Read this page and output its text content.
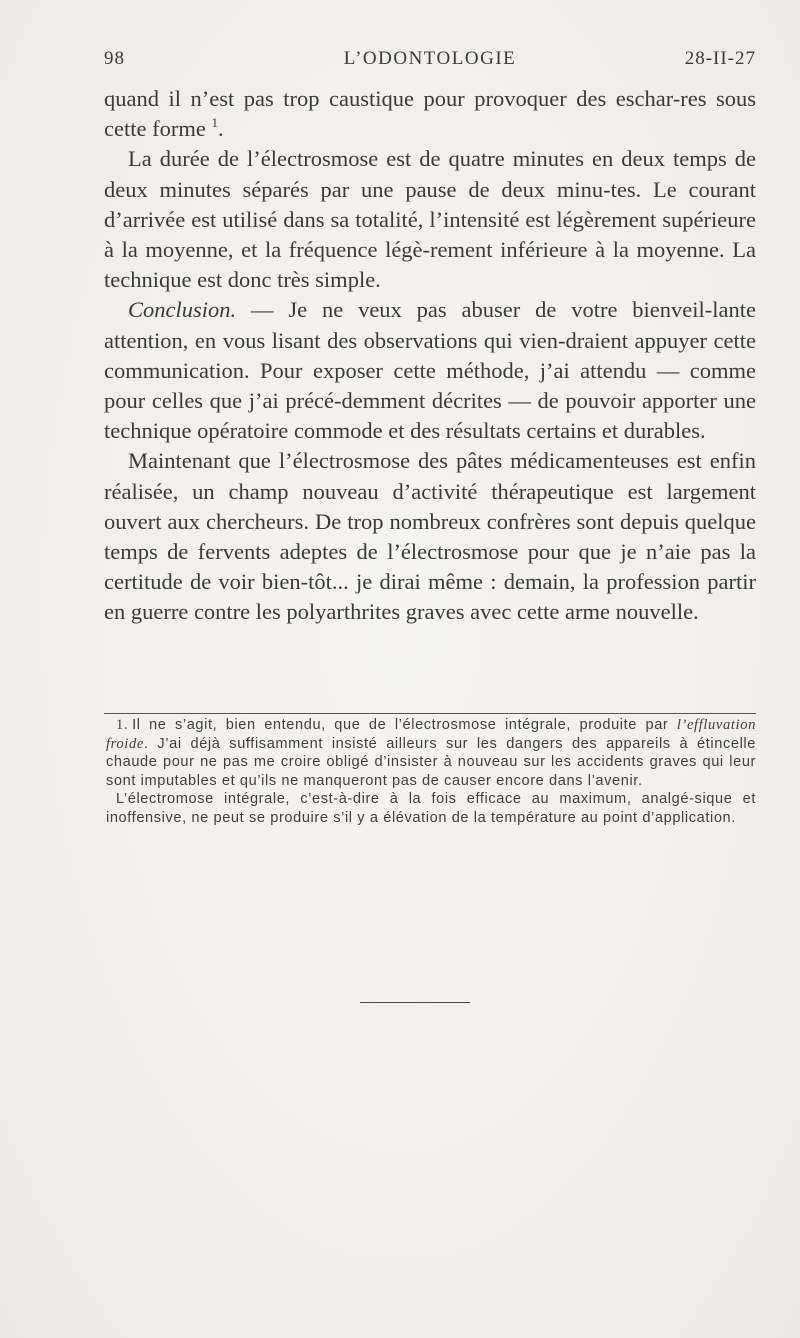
98	L’ODONTOLOGIE	28-II-27

quand il n’est pas trop caustique pour provoquer des eschar-res sous cette forme $^1$.

La durée de l’électrosmose est de quatre minutes en deux temps de deux minutes séparés par une pause de deux minu-tes. Le courant d’arrivée est utilisé dans sa totalité, l’intensité est légèrement supérieure à la moyenne, et la fréquence légè-rement inférieure à la moyenne. La technique est donc très simple.

Conclusion. — Je ne veux pas abuser de votre bienveil-lante attention, en vous lisant des observations qui vien-draient appuyer cette communication. Pour exposer cette méthode, j’ai attendu — comme pour celles que j’ai précé-demment décrites — de pouvoir apporter une technique opératoire commode et des résultats certains et durables.

Maintenant que l’électrosmose des pâtes médicamenteuses est enfin réalisée, un champ nouveau d’activité thérapeutique est largement ouvert aux chercheurs. De trop nombreux confrères sont depuis quelque temps de fervents adeptes de l’électrosmose pour que je n’aie pas la certitude de voir bien-tôt... je dirai même : demain, la profession partir en guerre contre les polyarthrites graves avec cette arme nouvelle.

1. Il ne s’agit, bien entendu, que de l’électrosmose intégrale, produite par l’effluvation froide. J’ai déjà suffisamment insisté ailleurs sur les dangers des appareils à étincelle chaude pour ne pas me croire obligé d’insister à nouveau sur les accidents graves qui leur sont imputables et qu’ils ne manqueront pas de causer encore dans l’avenir.

L’électromose intégrale, c’est-à-dire à la fois efficace au maximum, analgé-sique et inoffensive, ne peut se produire s’il y a élévation de la température au point d’application.
